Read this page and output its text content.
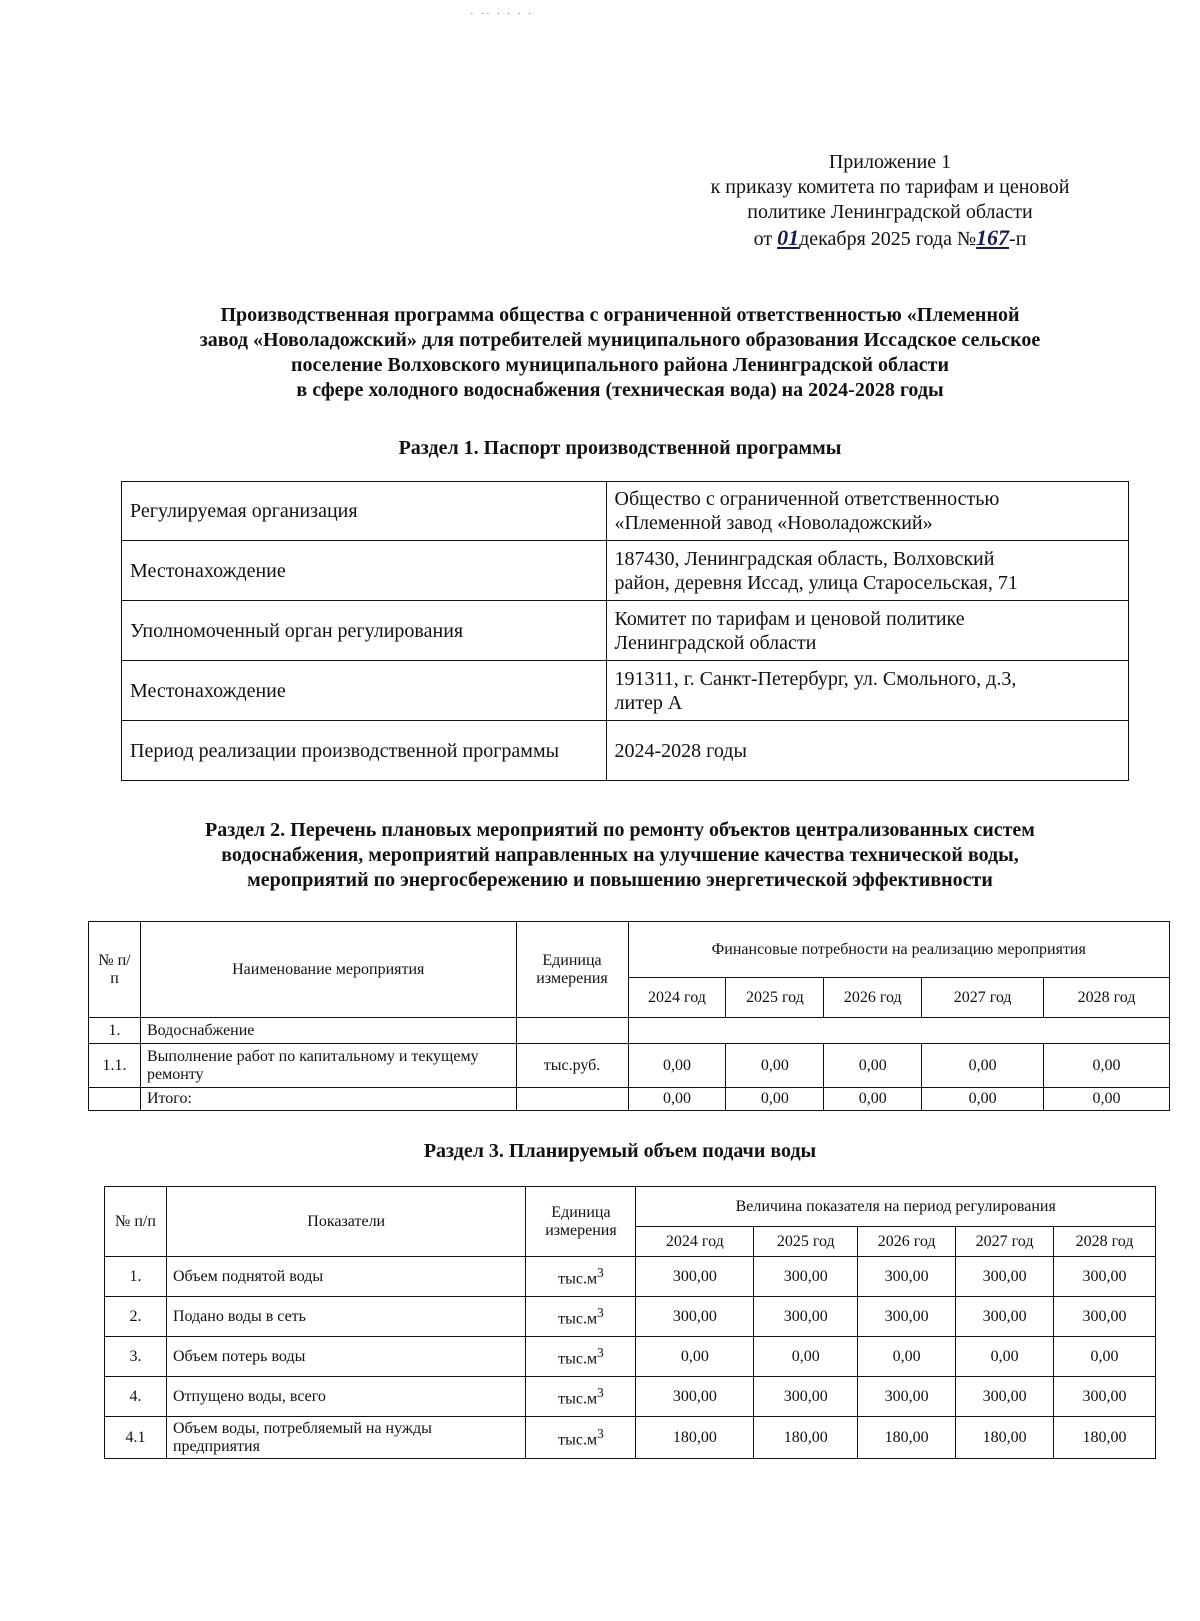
· ·· · · · ·
Приложение 1
к приказу комитета по тарифам и ценовой
политике Ленинградской области
от 01декабря 2025 года №167-п
Производственная программа общества с ограниченной ответственностью «Племенной
завод «Новоладожский» для потребителей муниципального образования Иссадское сельское
поселение Волховского муниципального района Ленинградской области
в сфере холодного водоснабжения (техническая вода) на 2024-2028 годы
Раздел 1. Паспорт производственной программы
Регулируемая организация	Общество с ограниченной ответственностью
«Племенной завод «Новоладожский»

Местонахождение	187430, Ленинградская область, Волховский
район, деревня Иссад, улица Старосельская, 71

Уполномоченный орган регулирования	Комитет по тарифам и ценовой политике
Ленинградской области

Местонахождение	191311, г. Санкт-Петербург, ул. Смольного, д.3,
литер А

Период реализации производственной программы	2024-2028 годы
Раздел 2. Перечень плановых мероприятий по ремонту объектов централизованных систем
водоснабжения, мероприятий направленных на улучшение качества технической воды,
мероприятий по энергосбережению и повышению энергетической эффективности
№ п/п	Наименование мероприятия	Единица измерения	Финансовые потребности на реализацию мероприятия				
			2024 год	2025 год	2026 год	2027 год	2028 год
1.	Водоснабжение						
1.1.	Выполнение работ по капитальному и текущему ремонту	тыс.руб.	0,00	0,00	0,00	0,00	0,00
	Итого:		0,00	0,00	0,00	0,00	0,00
Раздел 3. Планируемый объем подачи воды
№ п/п	Показатели	Единица измерения	Величина показателя на период регулирования				
			2024 год	2025 год	2026 год	2027 год	2028 год
1.	Объем поднятой воды	$тыс.м^3$	300,00	300,00	300,00	300,00	300,00
2.	Подано воды в сеть	$тыс.м^3$	300,00	300,00	300,00	300,00	300,00
3.	Объем потерь воды	$тыс.м^3$	0,00	0,00	0,00	0,00	0,00
4.	Отпущено воды, всего	$тыс.м^3$	300,00	300,00	300,00	300,00	300,00
4.1	Объем воды, потребляемый на нужды предприятия	$тыс.м^3$	180,00	180,00	180,00	180,00	180,00
